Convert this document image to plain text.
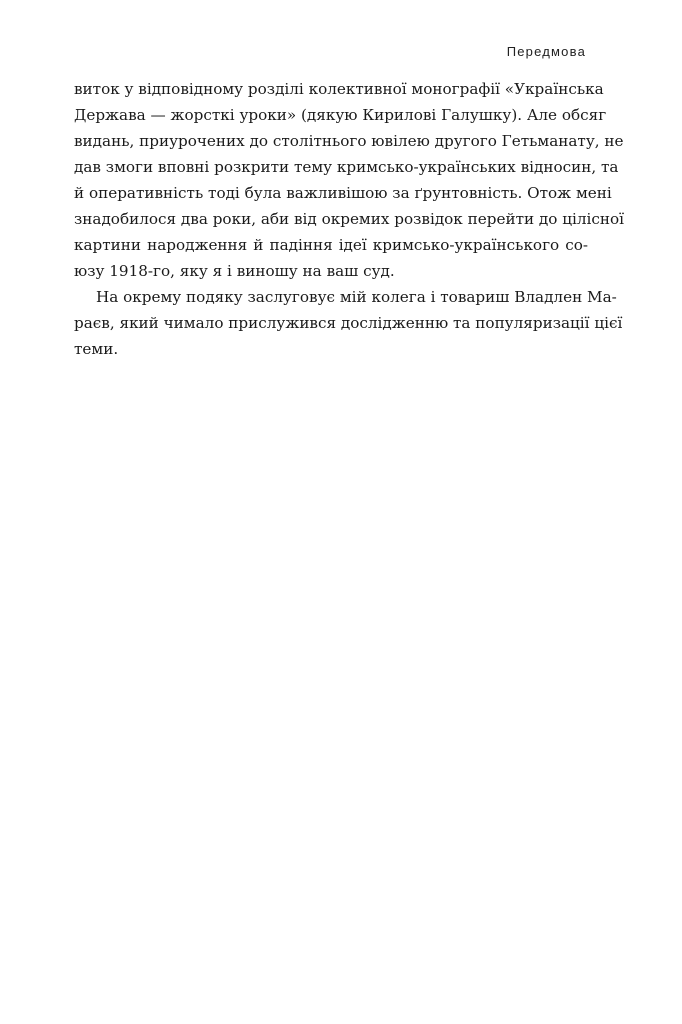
Передмова
виток у відповідному розділі колективної монографії «Українська
Держава — жорсткі уроки» (дякую Кирилові Галушку). Але обсяг
видань, приурочених до столітнього ювілею другого Гетьманату, не
дав змоги вповні розкрити тему кримсько-українських відносин, та
й оперативність тоді була важливішою за ґрунтовність. Отож мені
знадобилося два роки, аби від окремих розвідок перейти до цілісної
картини народження й падіння ідеї кримсько-українського со-
юзу 1918-го, яку я і виношу на ваш суд.
На окрему подяку заслуговує мій колега і товариш Владлен Ма-
раєв, який чимало прислужився дослідженню та популяризації цієї
теми.
